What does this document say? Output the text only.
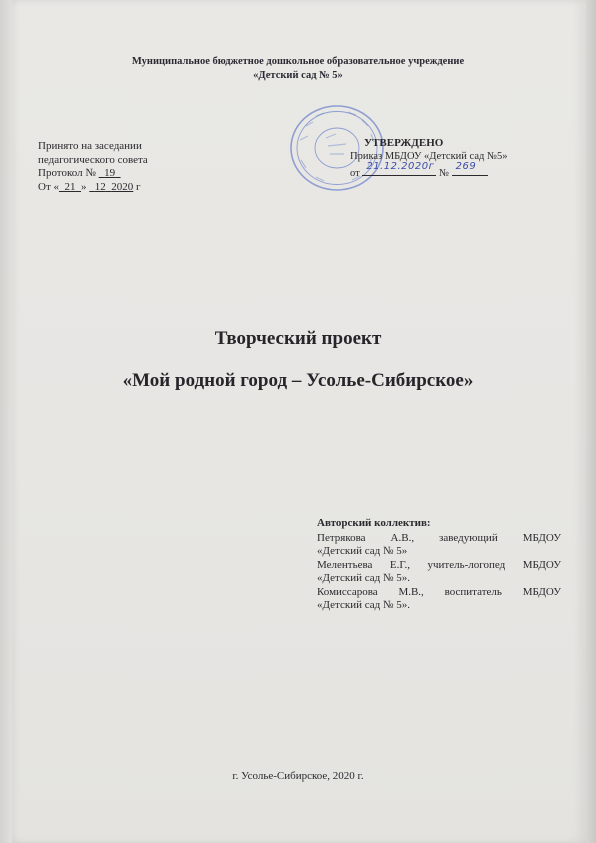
Муниципальное бюджетное дошкольное образовательное учреждение
«Детский сад № 5»
Принято на заседании
педагогического совета
Протокол № 19
От « 21 » 12 2020 г
УТВЕРЖДЕНО
Приказ МБДОУ «Детский сад №5»
от
21.12.2020г
№
269
Творческий проект
«Мой родной город – Усолье-Сибирское»
Авторский коллектив:
Петрякова А.В., заведующий МБДОУ
«Детский сад № 5»
Мелентьева Е.Г., учитель-логопед МБДОУ
«Детский сад № 5».
Комиссарова М.В., воспитатель МБДОУ
«Детский сад № 5».
г. Усолье-Сибирское, 2020 г.
